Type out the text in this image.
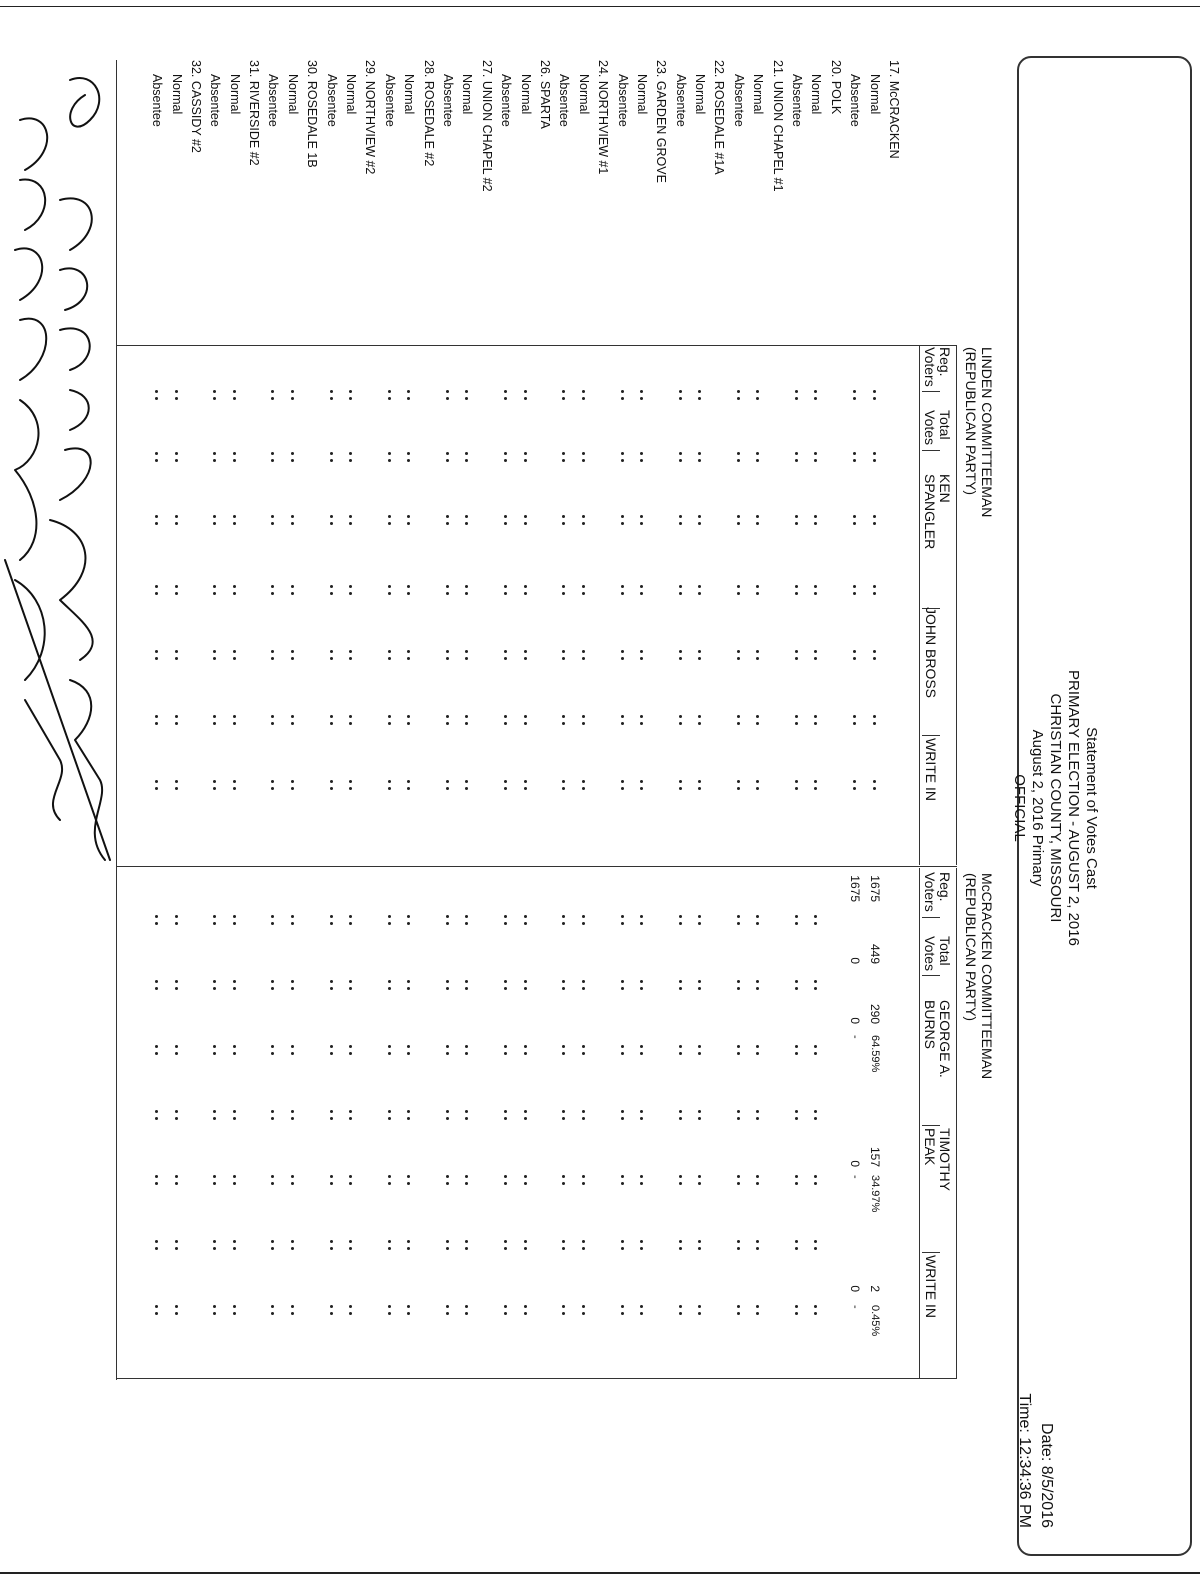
Statement of Votes Cast
PRIMARY ELECTION - AUGUST 2, 2016
CHRISTIAN COUNTY, MISSOURI
August 2, 2016 Primary
OFFICIAL
Date: 8/5/2016
Time: 12:34:36 PM
LINDEN COMMITTEEMAN
(REPUBLICAN PARTY)
Reg.
Voters
Total
Votes
KEN
SPANGLER
JOHN BROSS
WRITE IN
McCRACKEN COMMITTEEMAN
(REPUBLICAN PARTY)
Reg.
Voters
Total
Votes
GEORGE A.
BURNS
TIMOTHY
PEAK
WRITE IN
17. McCRACKEN
Normal
1675
449
290
157
2
64.59%
34.97%
0.45%
Absentee
1675
0
0
0
0
-
-
-
20. POLK
Normal
Absentee
21. UNION CHAPEL #1
Normal
Absentee
22. ROSEDALE #1A
Normal
Absentee
23. GARDEN GROVE
Normal
Absentee
24. NORTHVIEW #1
Normal
Absentee
26. SPARTA
Normal
Absentee
27. UNION CHAPEL #2
Normal
Absentee
28. ROSEDALE #2
Normal
Absentee
29. NORTHVIEW #2
Normal
Absentee
30. ROSEDALE 1B
Normal
Absentee
31. RIVERSIDE #2
Normal
Absentee
32. CASSIDY #2
Normal
Absentee
